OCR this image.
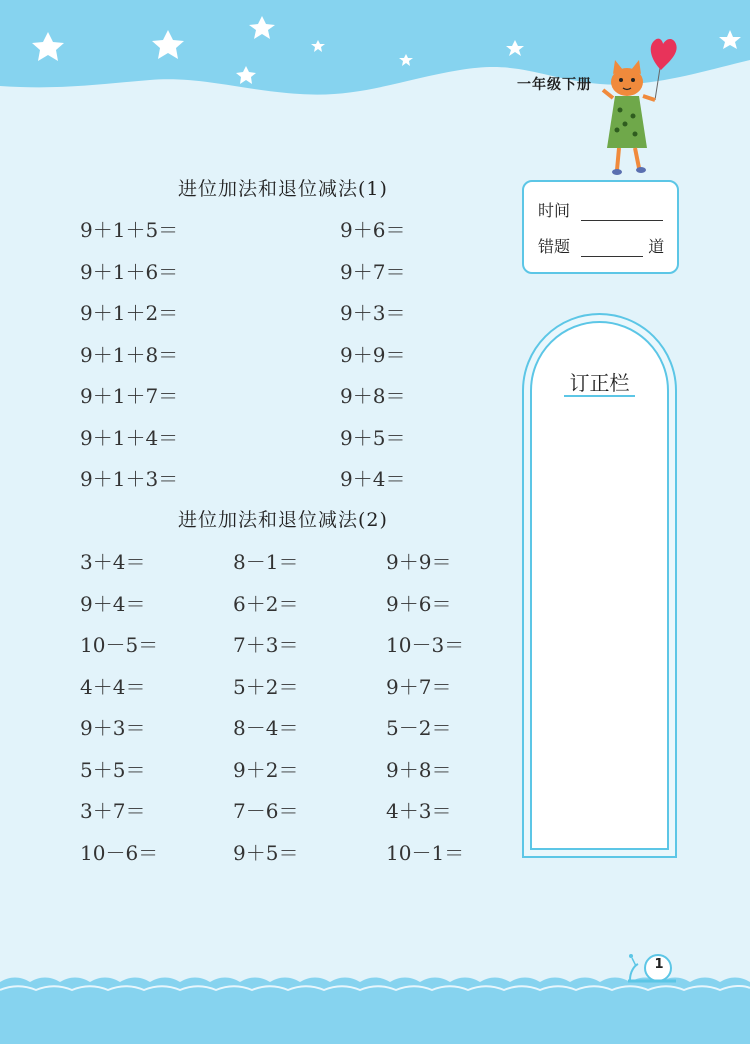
一年级下册
进位加法和退位减法(1)
9＋1＋5＝
9＋1＋6＝
9＋1＋2＝
9＋1＋8＝
9＋1＋7＝
9＋1＋4＝
9＋1＋3＝
9＋6＝
9＋7＝
9＋3＝
9＋9＝
9＋8＝
9＋5＝
9＋4＝
进位加法和退位减法(2)
3＋4＝
9＋4＝
10－5＝
4＋4＝
9＋3＝
5＋5＝
3＋7＝
10－6＝
8－1＝
6＋2＝
7＋3＝
5＋2＝
8－4＝
9＋2＝
7－6＝
9＋5＝
9＋9＝
9＋6＝
10－3＝
9＋7＝
5－2＝
9＋8＝
4＋3＝
10－1＝
时间
错题	道
订正栏
1
